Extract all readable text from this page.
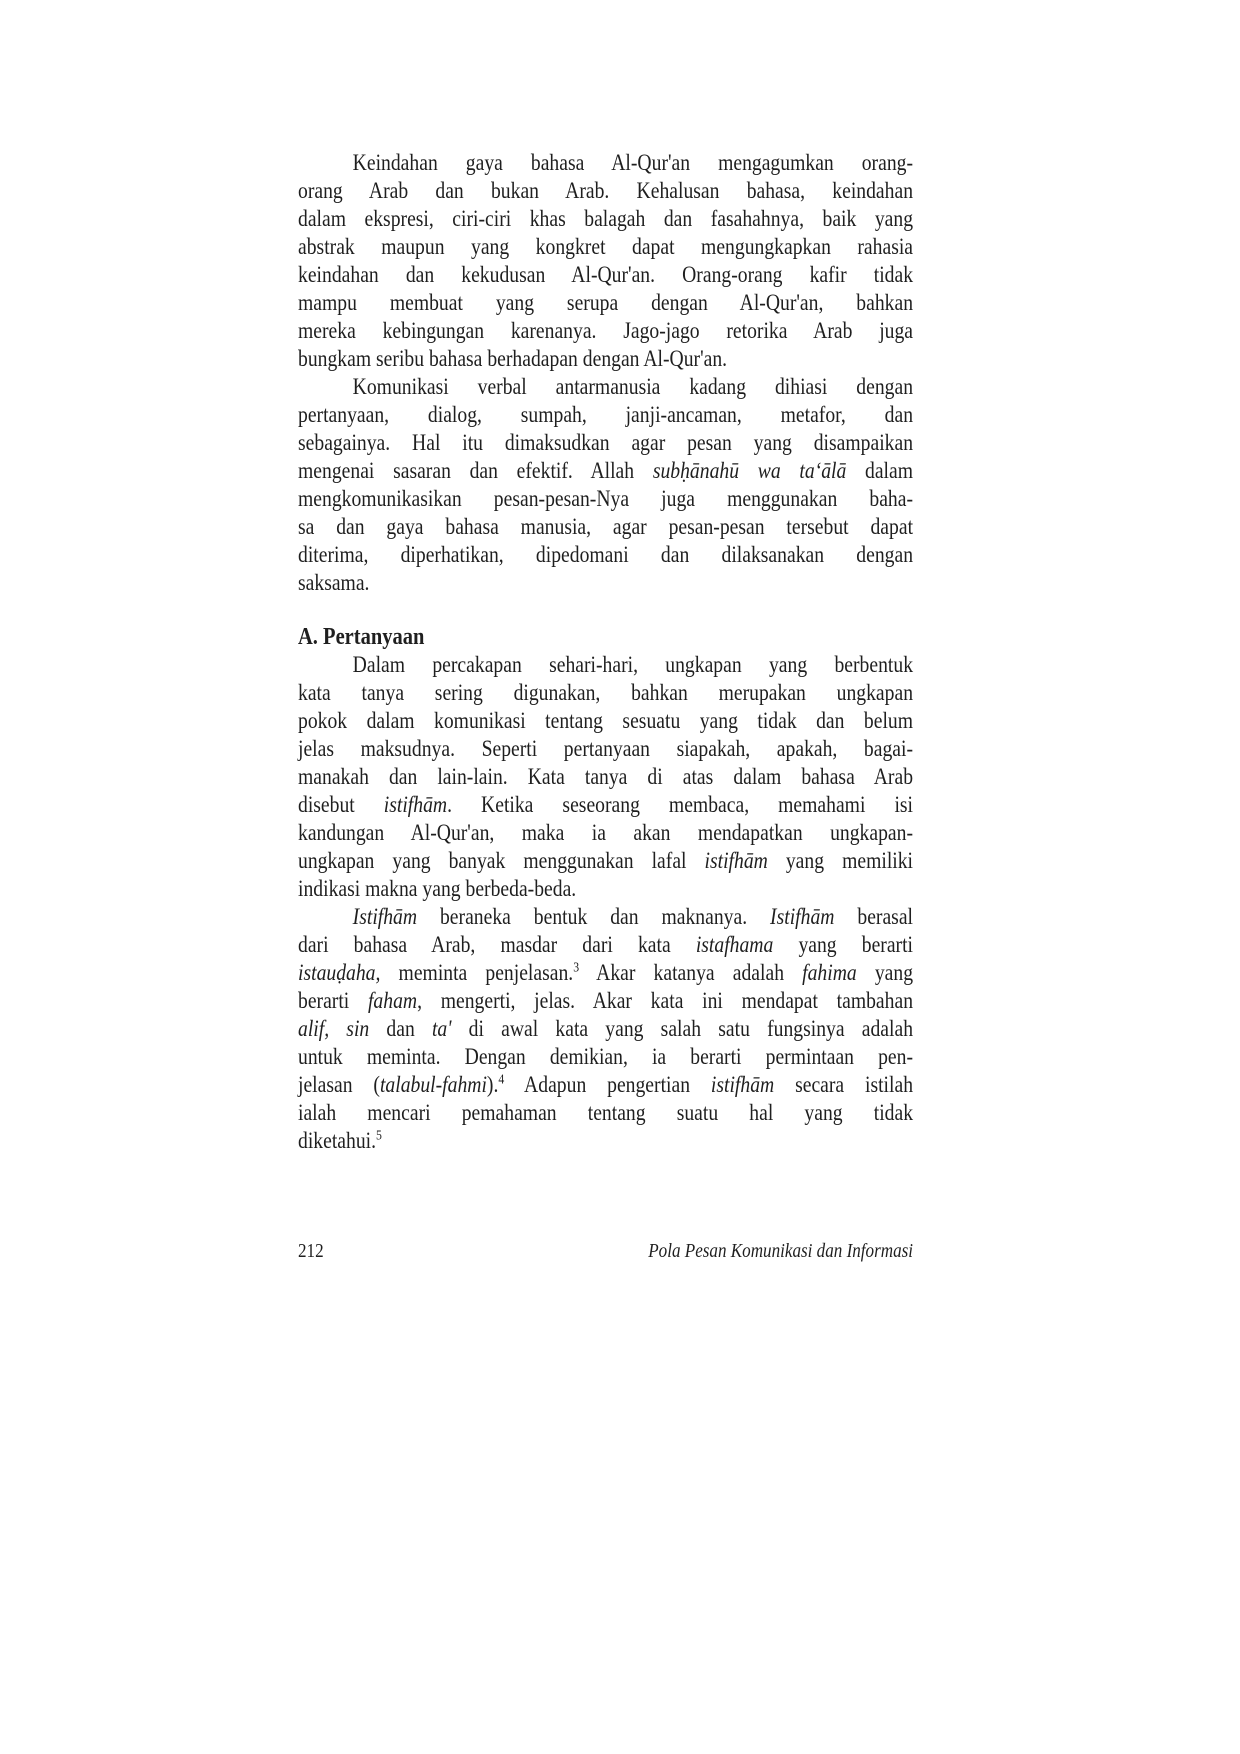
Keindahan gaya bahasa Al-Qur'an mengagumkan orang-
orang Arab dan bukan Arab. Kehalusan bahasa, keindahan
dalam ekspresi, ciri-ciri khas balagah dan fasahahnya, baik yang
abstrak maupun yang kongkret dapat mengungkapkan rahasia
keindahan dan kekudusan Al-Qur'an. Orang-orang kafir tidak
mampu membuat yang serupa dengan Al-Qur'an, bahkan
mereka kebingungan karenanya. Jago-jago retorika Arab juga
bungkam seribu bahasa berhadapan dengan Al-Qur'an.
Komunikasi verbal antarmanusia kadang dihiasi dengan
pertanyaan, dialog, sumpah, janji-ancaman, metafor, dan
sebagainya. Hal itu dimaksudkan agar pesan yang disampaikan
mengenai sasaran dan efektif. Allah subḥānahū wa ta‘ālā dalam
mengkomunikasikan pesan-pesan-Nya juga menggunakan baha-
sa dan gaya bahasa manusia, agar pesan-pesan tersebut dapat
diterima, diperhatikan, dipedomani dan dilaksanakan dengan
saksama.
A. Pertanyaan
Dalam percakapan sehari-hari, ungkapan yang berbentuk
kata tanya sering digunakan, bahkan merupakan ungkapan
pokok dalam komunikasi tentang sesuatu yang tidak dan belum
jelas maksudnya. Seperti pertanyaan siapakah, apakah, bagai-
manakah dan lain-lain. Kata tanya di atas dalam bahasa Arab
disebut istifhām. Ketika seseorang membaca, memahami isi
kandungan Al-Qur'an, maka ia akan mendapatkan ungkapan-
ungkapan yang banyak menggunakan lafal istifhām yang memiliki
indikasi makna yang berbeda-beda.
Istifhām beraneka bentuk dan maknanya. Istifhām berasal
dari bahasa Arab, masdar dari kata istafhama yang berarti
istauḍaha, meminta penjelasan.$^3$ Akar katanya adalah fahima yang
berarti faham, mengerti, jelas. Akar kata ini mendapat tambahan
alif, sin dan ta' di awal kata yang salah satu fungsinya adalah
untuk meminta. Dengan demikian, ia berarti permintaan pen-
jelasan (talabul-fahmi).$^4$ Adapun pengertian istifhām secara istilah
ialah mencari pemahaman tentang suatu hal yang tidak
diketahui.$^5$
212	Pola Pesan Komunikasi dan Informasi
